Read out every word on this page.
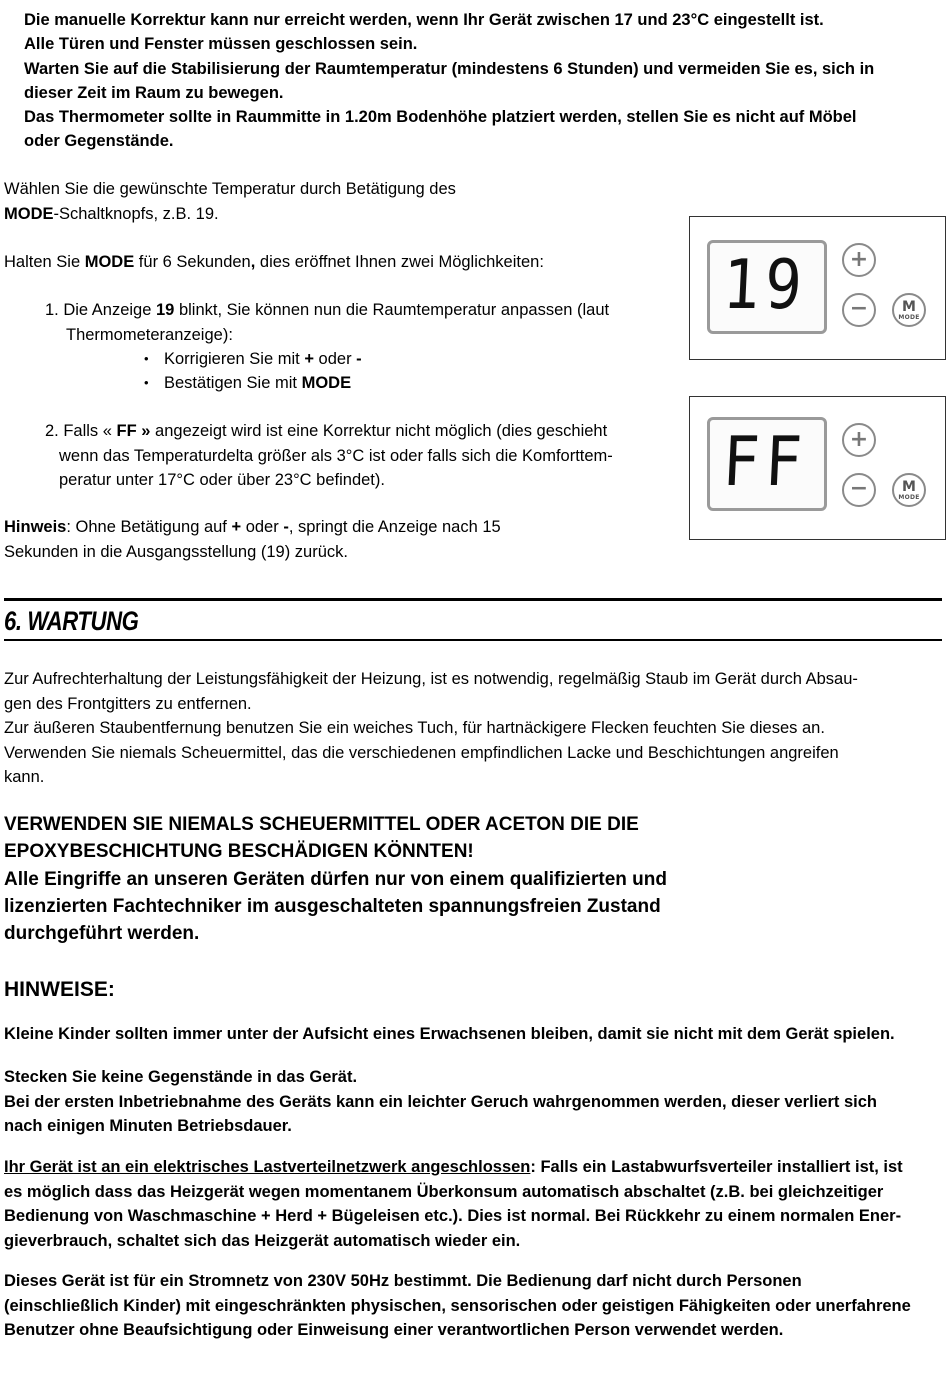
Die manuelle Korrektur kann nur erreicht werden, wenn Ihr Gerät zwischen 17 und 23°C eingestellt ist.

Alle Türen und Fenster müssen geschlossen sein.

Warten Sie auf die Stabilisierung der Raumtemperatur (mindestens 6 Stunden) und vermeiden Sie es, sich in

dieser Zeit im Raum zu bewegen.

Das Thermometer sollte in Raummitte in 1.20m Bodenhöhe platziert werden, stellen Sie es nicht auf Möbel

oder Gegenstände.

Wählen Sie die gewünschte Temperatur durch Betätigung des

MODE-Schaltknopfs, z.B. 19.

Halten Sie MODE für 6 Sekunden, dies eröffnet Ihnen zwei Möglichkeiten:

1. Die Anzeige 19 blinkt, Sie können nun die Raumtemperatur anpassen (laut

Thermometeranzeige):

• Korrigieren Sie mit + oder -
• Bestätigen Sie mit MODE

2. Falls « FF » angezeigt wird ist eine Korrektur nicht möglich (dies geschieht

wenn das Temperaturdelta größer als 3°C ist oder falls sich die Komforttem-

peratur unter 17°C oder über 23°C befindet).

Hinweis: Ohne Betätigung auf + oder -, springt die Anzeige nach 15

Sekunden in die Ausgangsstellung (19) zurück.

19	+
−	M
MODE
FF	+
−	M
MODE
6. WARTUNG

Zur Aufrechterhaltung der Leistungsfähigkeit der Heizung, ist es notwendig, regelmäßig Staub im Gerät durch Absau-

gen des Frontgitters zu entfernen.

Zur äußeren Staubentfernung benutzen Sie ein weiches Tuch, für hartnäckigere Flecken feuchten Sie dieses an.

Verwenden Sie niemals Scheuermittel, das die verschiedenen empfindlichen Lacke und Beschichtungen angreifen

kann.

VERWENDEN SIE NIEMALS SCHEUERMITTEL ODER ACETON DIE DIE

EPOXYBESCHICHTUNG BESCHÄDIGEN KÖNNTEN!

Alle Eingriffe an unseren Geräten dürfen nur von einem qualifizierten und

lizenzierten Fachtechniker im ausgeschalteten spannungsfreien Zustand

durchgeführt werden.

HINWEISE:
Kleine Kinder sollten immer unter der Aufsicht eines Erwachsenen bleiben, damit sie nicht mit dem Gerät spielen.

Stecken Sie keine Gegenstände in das Gerät.

Bei der ersten Inbetriebnahme des Geräts kann ein leichter Geruch wahrgenommen werden, dieser verliert sich

nach einigen Minuten Betriebsdauer.

Ihr Gerät ist an ein elektrisches Lastverteilnetzwerk angeschlossen: Falls ein Lastabwurfsverteiler installiert ist, ist

es möglich dass das Heizgerät wegen momentanem Überkonsum automatisch abschaltet (z.B. bei gleichzeitiger

Bedienung von Waschmaschine + Herd + Bügeleisen etc.). Dies ist normal. Bei Rückkehr zu einem normalen Ener-

gieverbrauch, schaltet sich das Heizgerät automatisch wieder ein.

Dieses Gerät ist für ein Stromnetz von 230V 50Hz bestimmt. Die Bedienung darf nicht durch Personen

(einschließlich Kinder) mit eingeschränkten physischen, sensorischen oder geistigen Fähigkeiten oder unerfahrene

Benutzer ohne Beaufsichtigung oder Einweisung einer verantwortlichen Person verwendet werden.
